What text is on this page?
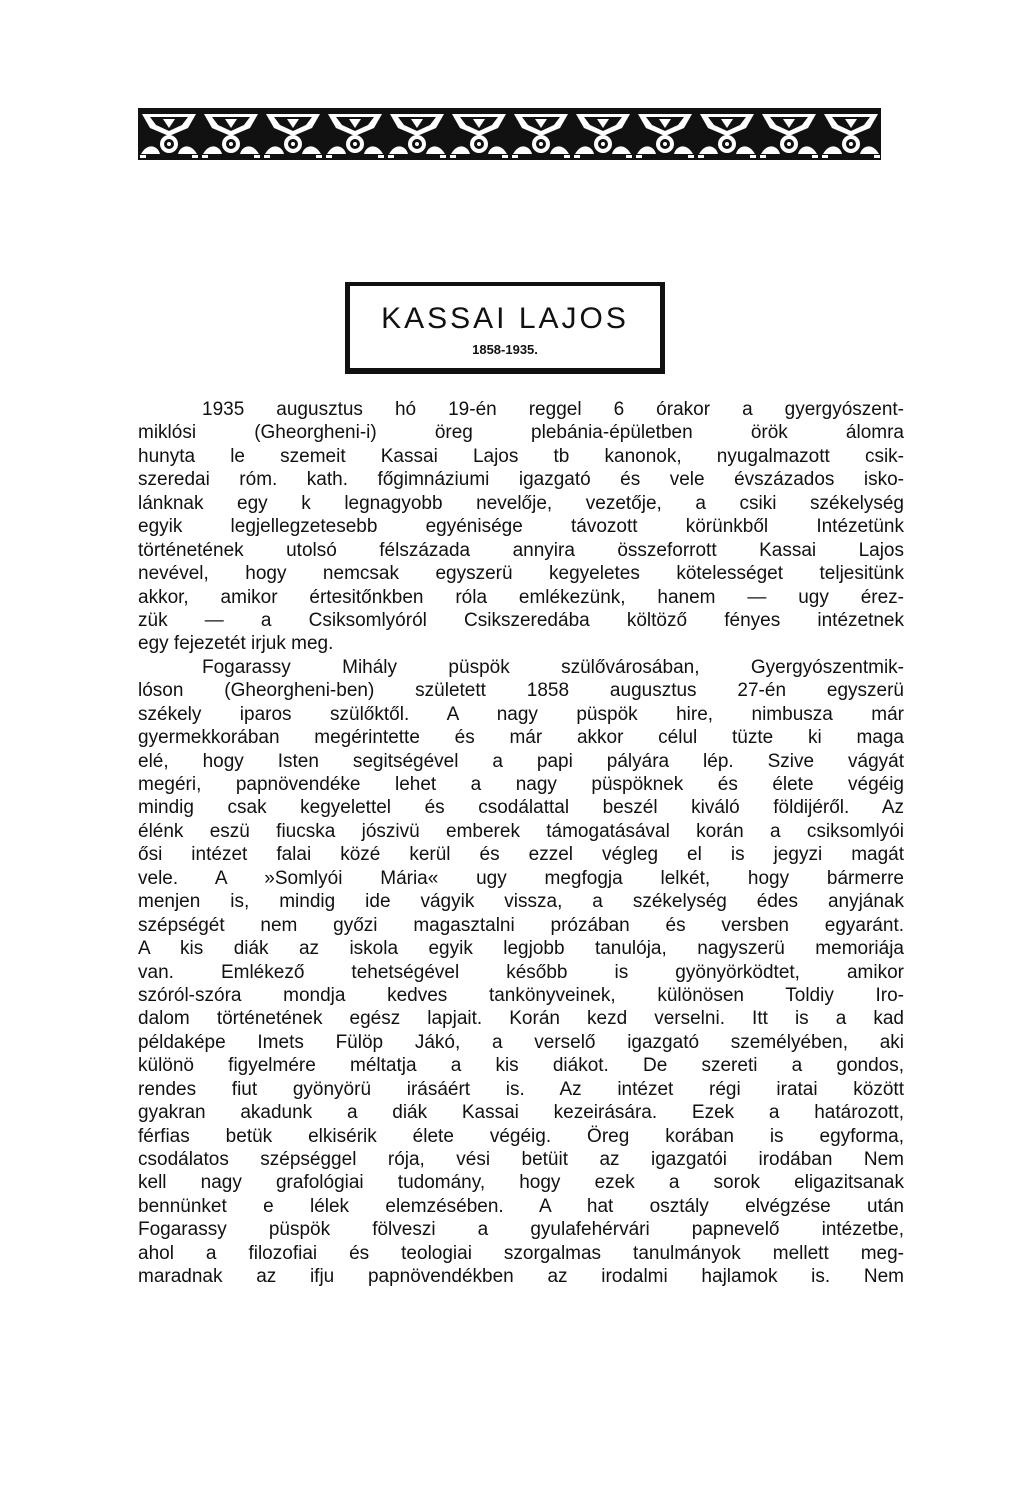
KASSAI LAJOS
1858-1935.
1935 augusztus hó 19-én reggel 6 órakor a gyergyószent-
miklósi (Gheorgheni-i) öreg plebánia-épületben örök álomra
hunyta le szemeit Kassai Lajos tb kanonok, nyugalmazott csik-
szeredai róm. kath. főgimnáziumi igazgató és vele évszázados isko-
lánknak egy k legnagyobb nevelője, vezetője, a csiki székelység
egyik legjellegzetesebb egyénisége távozott körünkből Intézetünk
történetének utolsó félszázada annyira összeforrott Kassai Lajos
nevével, hogy nemcsak egyszerü kegyeletes kötelességet teljesitünk
akkor, amikor értesitőnkben róla emlékezünk, hanem — ugy érez-
zük — a Csiksomlyóról Csikszeredába költöző fényes intézetnek
egy fejezetét irjuk meg.
Fogarassy Mihály püspök szülővárosában, Gyergyószentmik-
lóson (Gheorgheni-ben) született 1858 augusztus 27-én egyszerü
székely iparos szülőktől. A nagy püspök hire, nimbusza már
gyermekkorában megérintette és már akkor célul tüzte ki maga
elé, hogy Isten segitségével a papi pályára lép. Szive vágyát
megéri, papnövendéke lehet a nagy püspöknek és élete végéig
mindig csak kegyelettel és csodálattal beszél kiváló földijéről. Az
élénk eszü fiucska jószivü emberek támogatásával korán a csiksomlyói
ősi intézet falai közé kerül és ezzel végleg el is jegyzi magát
vele. A »Somlyói Mária« ugy megfogja lelkét, hogy bármerre
menjen is, mindig ide vágyik vissza, a székelység édes anyjának
szépségét nem győzi magasztalni prózában és versben egyaránt.
A kis diák az iskola egyik legjobb tanulója, nagyszerü memoriája
van. Emlékező tehetségével később is gyönyörködtet, amikor
szóról-szóra mondja kedves tankönyveinek, különösen Toldiy Iro-
dalom történetének egész lapjait. Korán kezd verselni. Itt is a kad
példaképe Imets Fülöp Jákó, a verselő igazgató személyében, aki
különö figyelmére méltatja a kis diákot. De szereti a gondos,
rendes fiut gyönyörü irásáért is. Az intézet régi iratai között
gyakran akadunk a diák Kassai kezeirására. Ezek a határozott,
férfias betük elkisérik élete végéig. Öreg korában is egyforma,
csodálatos szépséggel rója, vési betüit az igazgatói irodában Nem
kell nagy grafológiai tudomány, hogy ezek a sorok eligazitsanak
bennünket e lélek elemzésében. A hat osztály elvégzése után
Fogarassy püspök fölveszi a gyulafehérvári papnevelő intézetbe,
ahol a filozofiai és teologiai szorgalmas tanulmányok mellett meg-
maradnak az ifju papnövendékben az irodalmi hajlamok is. Nem
